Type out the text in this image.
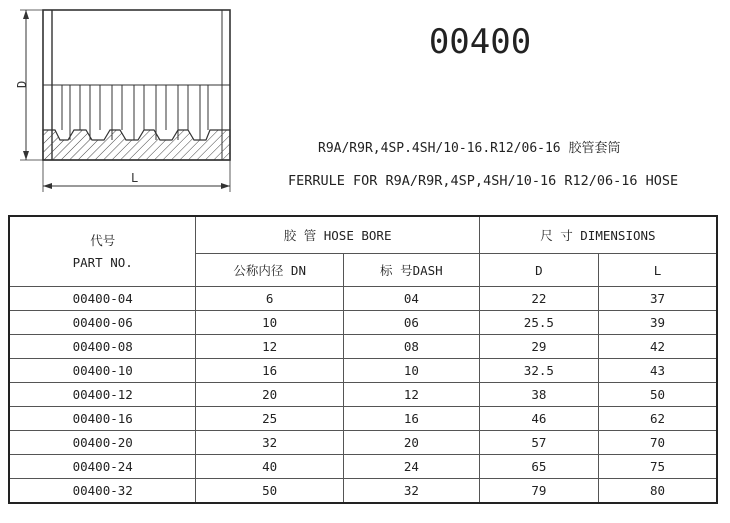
D
L
00400
R9A/R9R,4SP.4SH/10-16.R12/06-16 胶管套筒
FERRULE FOR R9A/R9R,4SP,4SH/10-16 R12/06-16 HOSE
代号
PART NO.	胶 管 HOSE BORE		尺 寸 DIMENSIONS	
	公称内径 DN	标 号DASH	D	L
00400-04	6	04	22	37
00400-06	10	06	25.5	39
00400-08	12	08	29	42
00400-10	16	10	32.5	43
00400-12	20	12	38	50
00400-16	25	16	46	62
00400-20	32	20	57	70
00400-24	40	24	65	75
00400-32	50	32	79	80
